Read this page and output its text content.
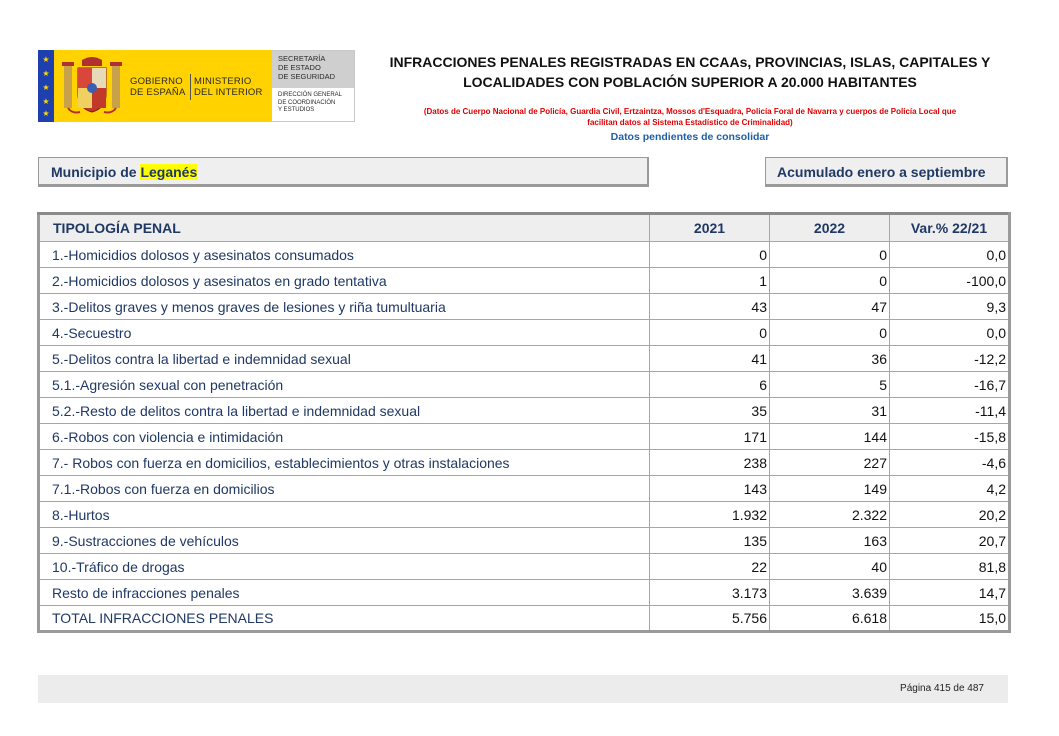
★
★
★
★
★
GOBIERNO
DE ESPAÑA
MINISTERIO
DEL INTERIOR
SECRETARÍA
DE ESTADO
DE SEGURIDAD
DIRECCIÓN GENERAL
DE COORDINACIÓN
Y ESTUDIOS
INFRACCIONES PENALES REGISTRADAS EN CCAAs, PROVINCIAS, ISLAS, CAPITALES Y
LOCALIDADES CON POBLACIÓN SUPERIOR A 20.000 HABITANTES
(Datos de Cuerpo Nacional de Policía, Guardia Civil, Ertzaintza, Mossos d'Esquadra, Policía Foral de Navarra y cuerpos de Policía Local que
facilitan datos al Sistema Estadístico de Criminalidad)
Datos pendientes de consolidar
Municipio de Leganés	Acumulado enero a septiembre
TIPOLOGÍA PENAL	2021	2022	Var.% 22/21
1.-Homicidios dolosos y asesinatos consumados	0	0	0,0
2.-Homicidios dolosos y asesinatos en grado tentativa	1	0	-100,0
3.-Delitos graves y menos graves de lesiones y riña tumultuaria	43	47	9,3
4.-Secuestro	0	0	0,0
5.-Delitos contra la libertad e indemnidad sexual	41	36	-12,2
5.1.-Agresión sexual con penetración	6	5	-16,7
5.2.-Resto de delitos contra la libertad e indemnidad sexual	35	31	-11,4
6.-Robos con violencia e intimidación	171	144	-15,8
7.- Robos con fuerza en domicilios, establecimientos y otras instalaciones	238	227	-4,6
7.1.-Robos con fuerza en domicilios	143	149	4,2
8.-Hurtos	1.932	2.322	20,2
9.-Sustracciones de vehículos	135	163	20,7
10.-Tráfico de drogas	22	40	81,8
Resto de infracciones penales	3.173	3.639	14,7
TOTAL INFRACCIONES PENALES	5.756	6.618	15,0
Página 415 de 487
